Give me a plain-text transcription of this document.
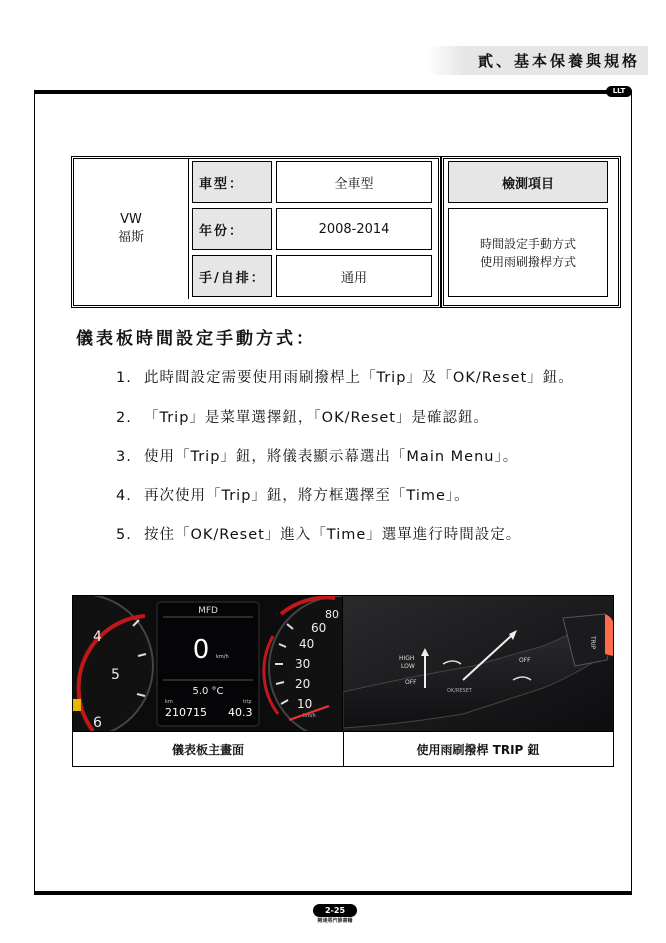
貳、基本保養與規格
LLT
VW
福斯
車型：	全車型
年份：	2008-2014
手/自排：	通用
檢測項目
時間設定手動方式
使用雨刷撥桿方式
儀表板時間設定手動方式：

1. 此時間設定需要使用雨刷撥桿上「Trip」及「OK/Reset」鈕。

2. 「Trip」是菜單選擇鈕，「OK/Reset」是確認鈕。

3. 使用「Trip」鈕，將儀表顯示幕選出「Main Menu」。

4. 再次使用「Trip」鈕，將方框選擇至「Time」。

5. 按住「OK/Reset」進入「Time」選單進行時間設定。

4
5
6
MFD
0 km/h
5.0 °C
km	trip
210715 40.3
80
60
40
30
20
10
km/h
HIGH
LOW
OFF
OFF
OK/RESET
TRIP
儀表板主畫面	使用雨刷撥桿 TRIP 鈕
2-25
剛達將汽修書籍
